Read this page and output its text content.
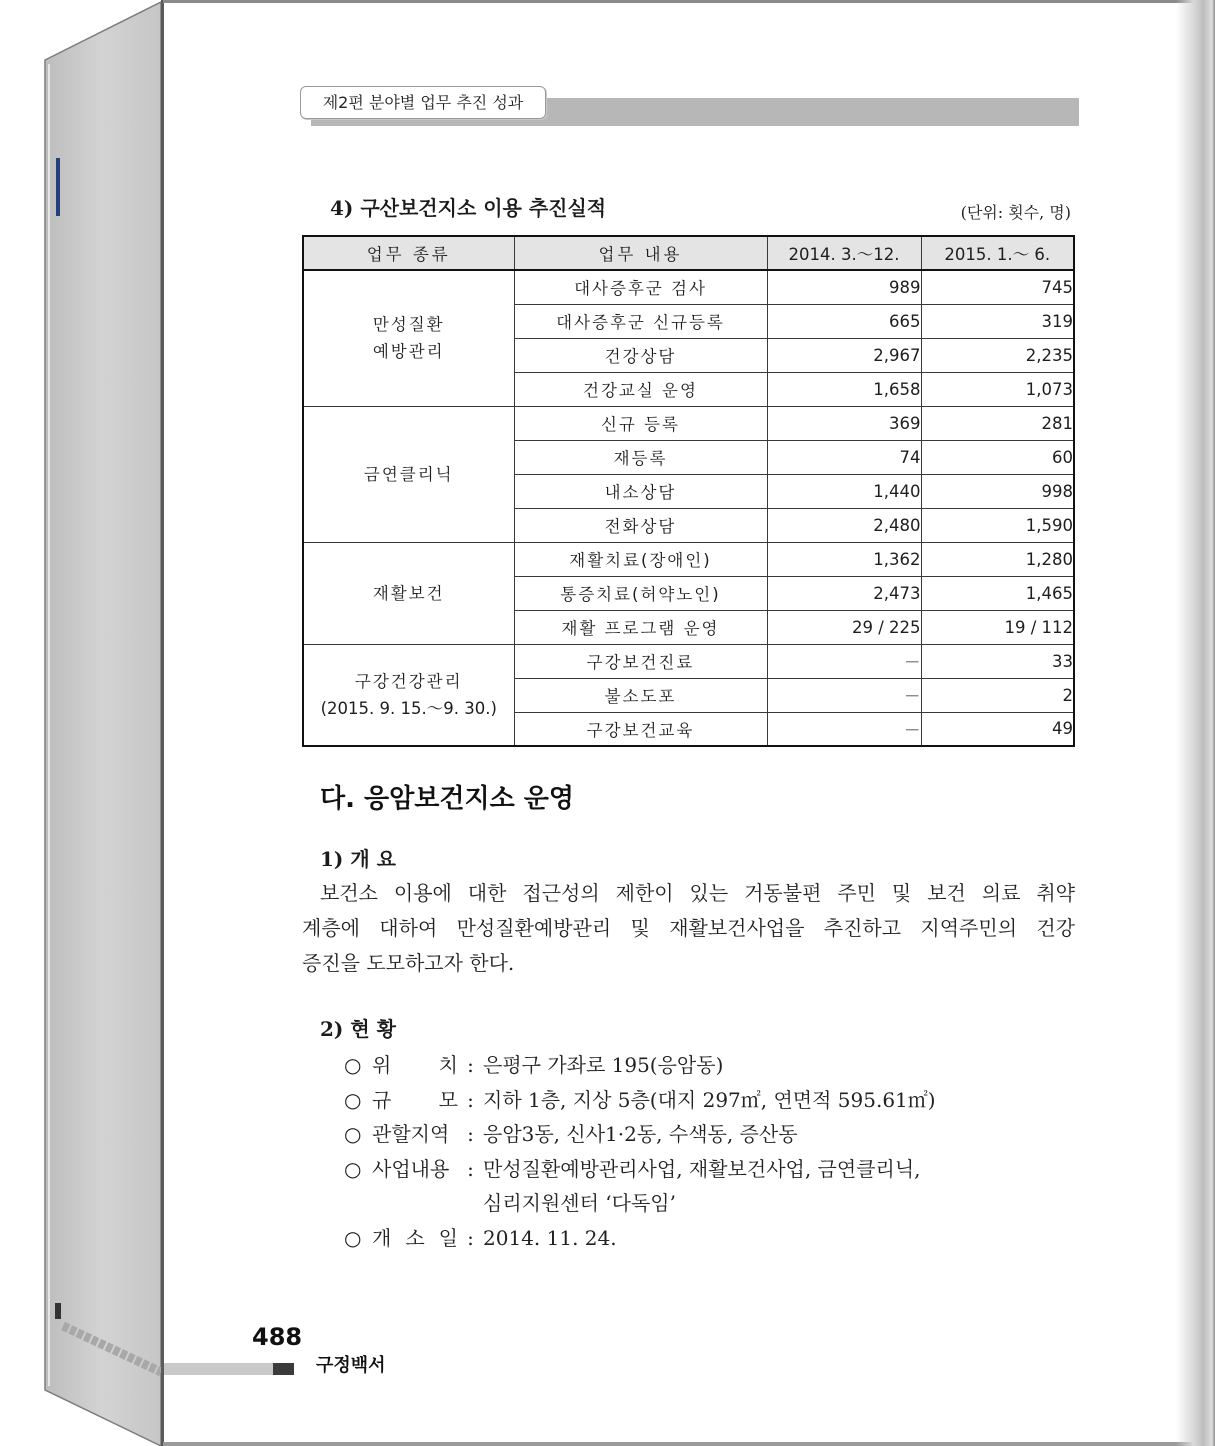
제2편 분야별 업무 추진 성과
4) 구산보건지소 이용 추진실적	(단위: 횟수, 명)
업무 종류	업무 내용	2014. 3.～12.	2015. 1.～ 6.
만성질환
예방관리	대사증후군 검사	989	745
	대사증후군 신규등록	665	319
	건강상담	2,967	2,235
	건강교실 운영	1,658	1,073
금연클리닉	신규 등록	369	281
	재등록	74	60
	내소상담	1,440	998
	전화상담	2,480	1,590
재활보건	재활치료(장애인)	1,362	1,280
	통증치료(허약노인)	2,473	1,465
	재활 프로그램 운영	29 / 225	19 / 112
구강건강관리
(2015. 9. 15.～9. 30.)	구강보건진료	－	33
	불소도포	－	2
	구강보건교육	－	49
다. 응암보건지소 운영
1) 개 요
보건소 이용에 대한 접근성의 제한이 있는 거동불편 주민 및 보건 의료 취약
계층에 대하여 만성질환예방관리 및 재활보건사업을 추진하고 지역주민의 건강
증진을 도모하고자 한다.
2) 현 황
○ 위 치 : 은평구 가좌로 195(응암동)
○ 규 모 : 지하 1층, 지상 5층(대지 297㎡, 연면적 595.61㎡)
○ 관할지역 : 응암3동, 신사1·2동, 수색동, 증산동
○ 사업내용 : 만성질환예방관리사업, 재활보건사업, 금연클리닉,
심리지원센터 ‘다독임’
○ 개 소 일 : 2014. 11. 24.
488
구정백서
